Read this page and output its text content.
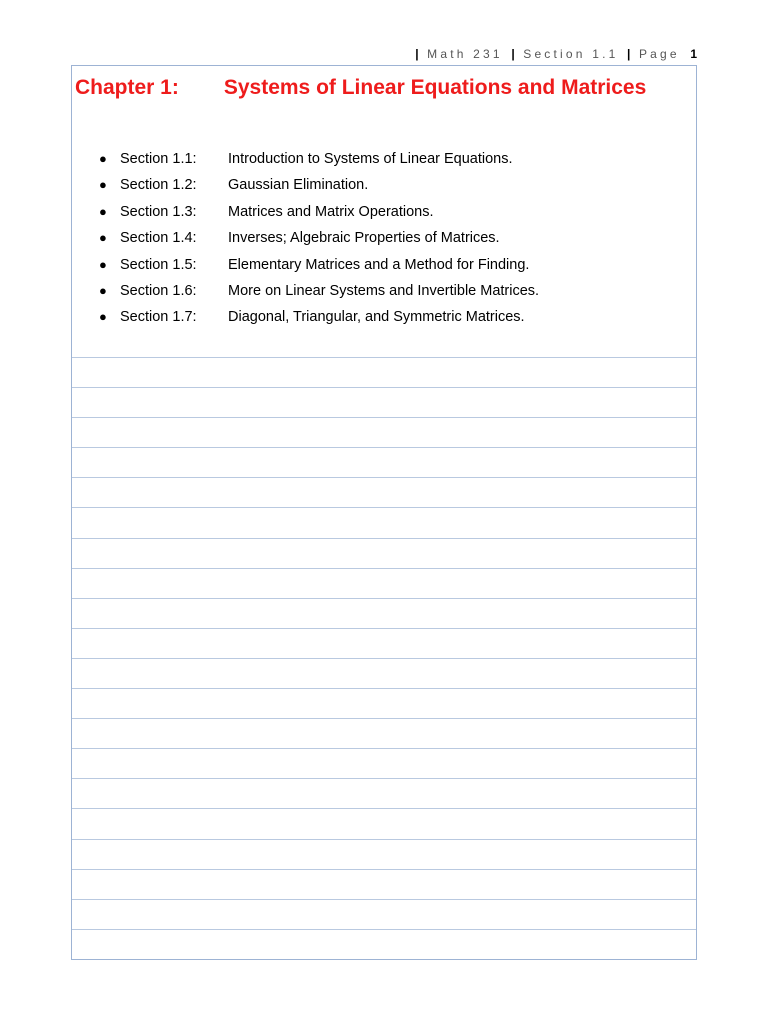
| Math 231 | Section 1.1 | Page 1
Chapter 1: Systems of Linear Equations and Matrices
● Section 1.1: Introduction to Systems of Linear Equations.
● Section 1.2: Gaussian Elimination.
● Section 1.3: Matrices and Matrix Operations.
● Section 1.4: Inverses; Algebraic Properties of Matrices.
● Section 1.5: Elementary Matrices and a Method for Finding.
● Section 1.6: More on Linear Systems and Invertible Matrices.
● Section 1.7: Diagonal, Triangular, and Symmetric Matrices.
